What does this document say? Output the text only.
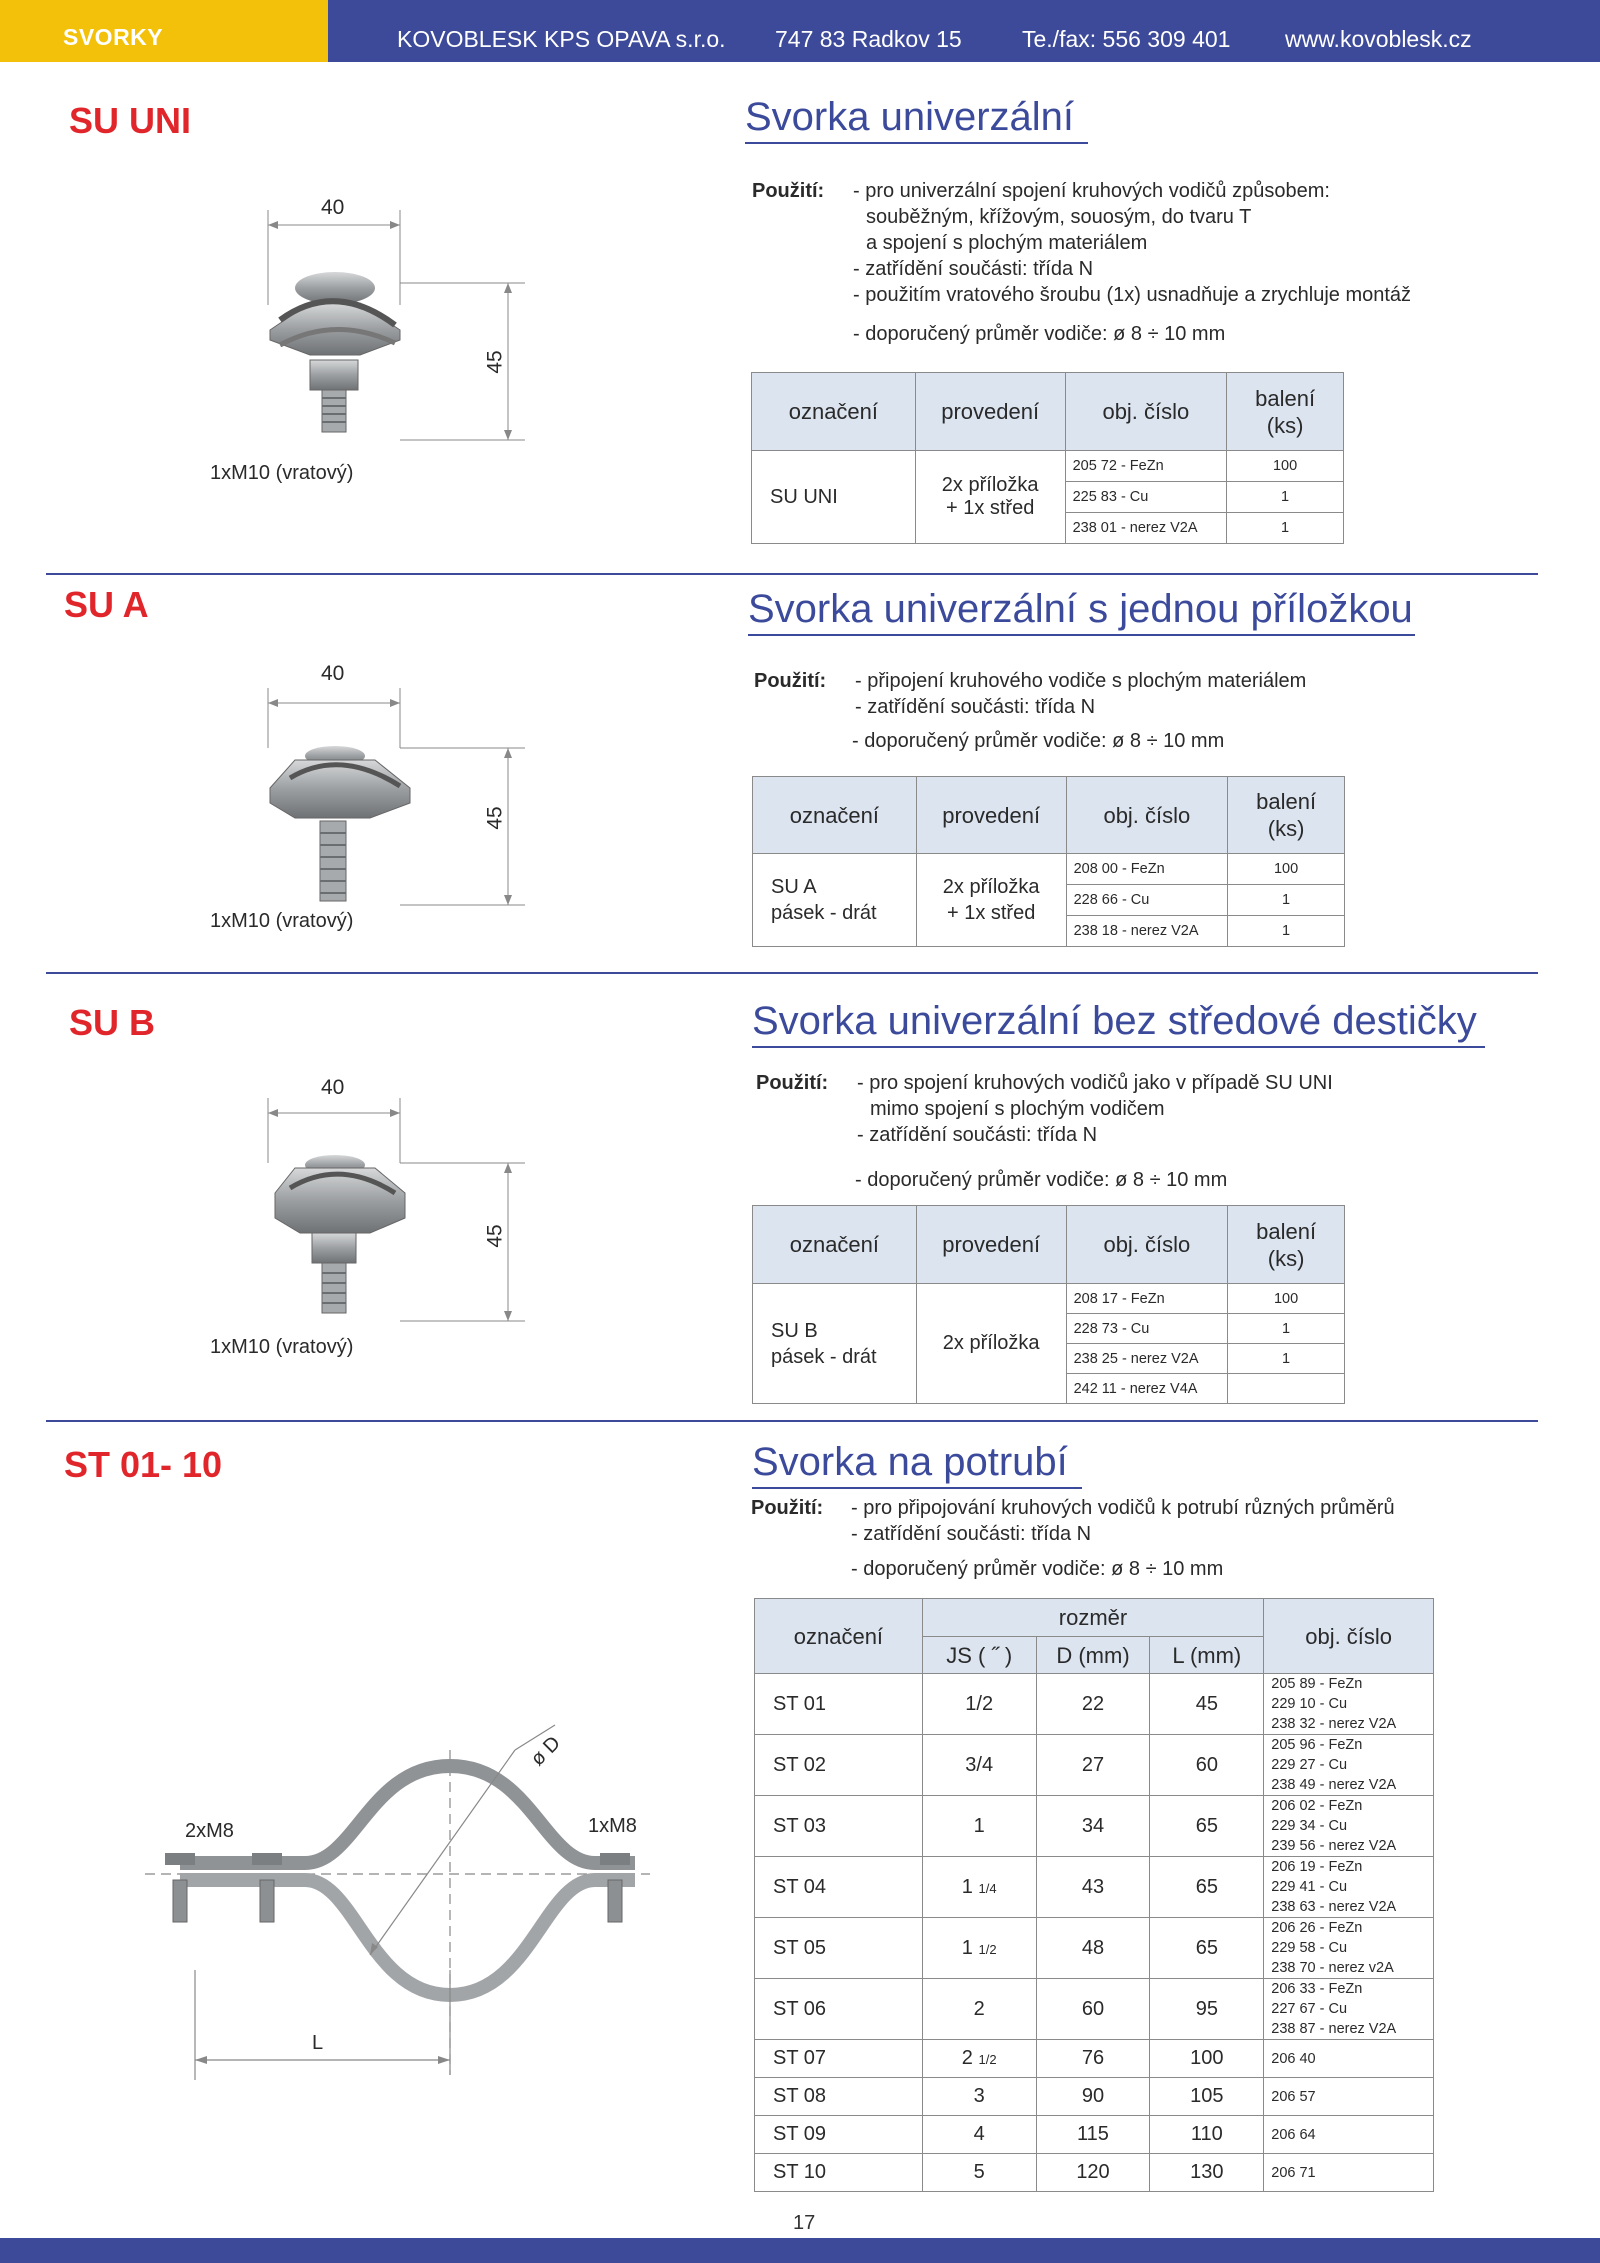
SVORKY	KOVOBLESK KPS OPAVA s.r.o. 747 83 Radkov 15	Te./fax: 556 309 401 www.kovoblesk.cz
SU UNI	Svorka univerzální
40
45
1xM10 (vratový)
Použití: - pro univerzální spojení kruhových vodičů způsobem:
souběžným, křížovým, souosým, do tvaru T
a spojení s plochým materiálem
- zatřídění součásti: třída N
- použitím vratového šroubu (1x) usnadňuje a zrychluje montáž
- doporučený průměr vodiče: ø 8 ÷ 10 mm
označení	provedení	obj. číslo	balení
(ks)
SU UNI	2x příložka
+ 1x střed	205 72 - FeZn	100
		225 83 - Cu	1
		238 01 - nerez V2A	1
SU A	Svorka univerzální s jednou příložkou
40
45
1xM10 (vratový)
Použití: - připojení kruhového vodiče s plochým materiálem
- zatřídění součásti: třída N
- doporučený průměr vodiče: ø 8 ÷ 10 mm
označení	provedení	obj. číslo	balení
(ks)
SU A
pásek - drát	2x příložka
+ 1x střed	208 00 - FeZn	100
		228 66 - Cu	1
		238 18 - nerez V2A	1
SU B	Svorka univerzální bez středové destičky
40
45
1xM10 (vratový)
Použití: - pro spojení kruhových vodičů jako v případě SU UNI
mimo spojení s plochým vodičem
- zatřídění součásti: třída N
- doporučený průměr vodiče: ø 8 ÷ 10 mm
označení	provedení	obj. číslo	balení
(ks)
SU B
pásek - drát	2x příložka	208 17 - FeZn	100
		228 73 - Cu	1
		238 25 - nerez V2A	1
		242 11 - nerez V4A	
ST 01- 10	Svorka na potrubí
Použití: - pro připojování kruhových vodičů k potrubí různých průměrů
- zatřídění součásti: třída N
- doporučený průměr vodiče: ø 8 ÷ 10 mm
2xM8	1xM8
ø D
L
označení	rozměr			obj. číslo
	JS ( ˝ )	D (mm)	L (mm)	
ST 01	1/2	22	45	205 89 - FeZn
229 10 - Cu
238 32 - nerez V2A

ST 02	3/4	27	60	205 96 - FeZn
229 27 - Cu
238 49 - nerez V2A

ST 03	1	34	65	206 02 - FeZn
229 34 - Cu
239 56 - nerez V2A

ST 04	1 1/4	43	65	206 19 - FeZn
229 41 - Cu
238 63 - nerez V2A

ST 05	1 1/2	48	65	206 26 - FeZn
229 58 - Cu
238 70 - nerez v2A

ST 06	2	60	95	206 33 - FeZn
227 67 - Cu
238 87 - nerez V2A

ST 07	2 1/2	76	100	206 40

ST 08	3	90	105	206 57

ST 09	4	115	110	206 64

ST 10	5	120	130	206 71
17
